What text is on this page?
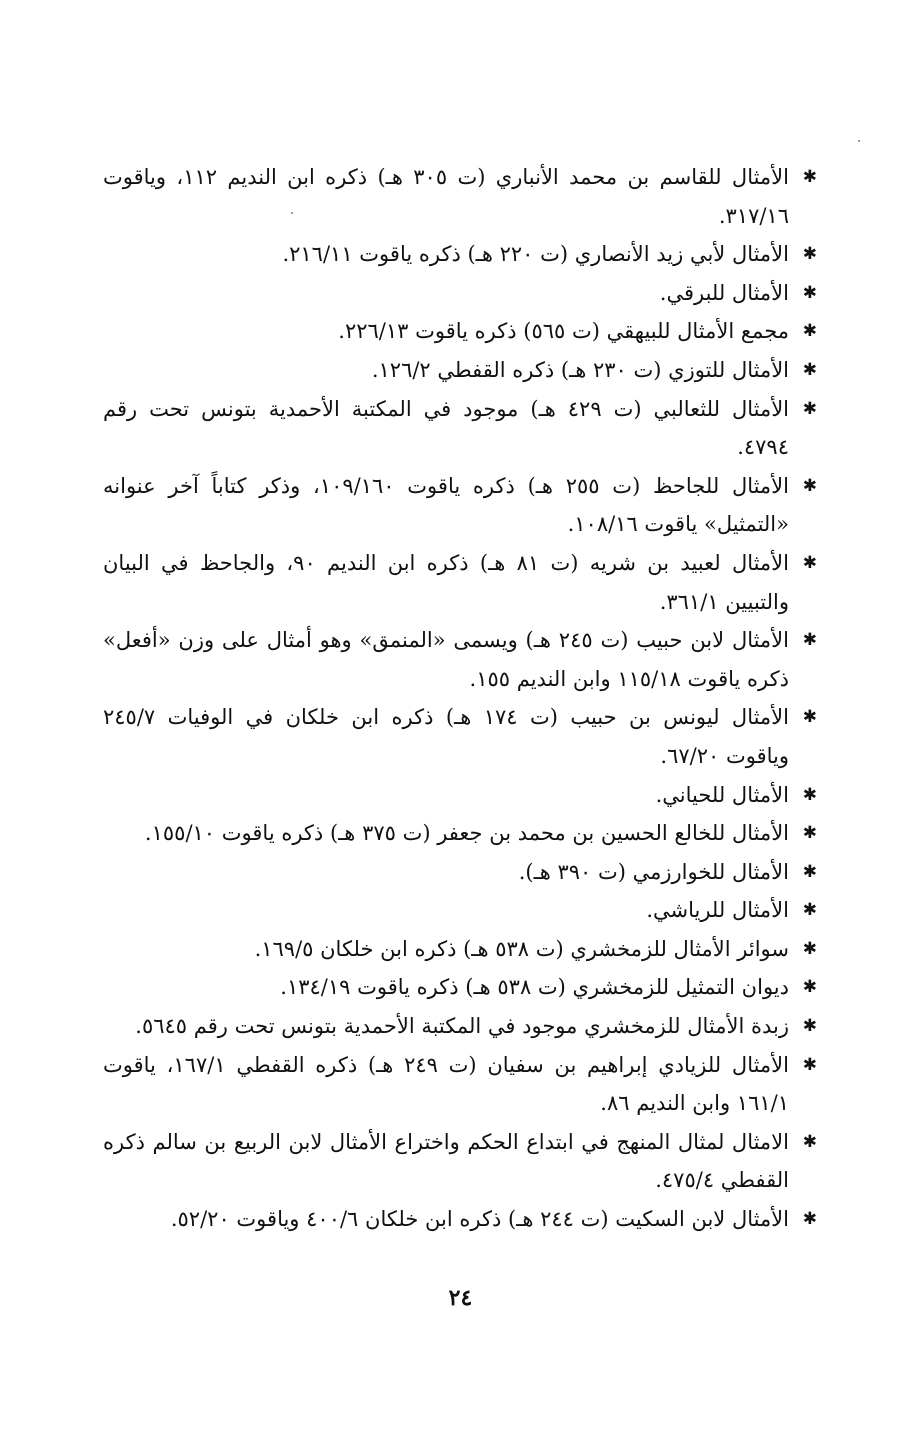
✱
الأمثال للقاسم بن محمد الأنباري (ت ٣٠٥ هـ) ذكره ابن النديم ١١٢، وياقوت ٣١٧/١٦.
✱
الأمثال لأبي زيد الأنصاري (ت ٢٢٠ هـ) ذكره ياقوت ٢١٦/١١.
✱
الأمثال للبرقي.
✱
مجمع الأمثال للبيهقي (ت ٥٦٥) ذكره ياقوت ٢٢٦/١٣.
✱
الأمثال للتوزي (ت ٢٣٠ هـ) ذكره القفطي ١٢٦/٢.
✱
الأمثال للثعالبي (ت ٤٢٩ هـ) موجود في المكتبة الأحمدية بتونس تحت رقم ٤٧٩٤.
✱
الأمثال للجاحظ (ت ٢٥٥ هـ) ذكره ياقوت ١٠٩/١٦٠، وذكر كتاباً آخر عنوانه «التمثيل» ياقوت ١٠٨/١٦.
✱
الأمثال لعبيد بن شريه (ت ٨١ هـ) ذكره ابن النديم ٩٠، والجاحظ في البيان والتبيين ٣٦١/١.
✱
الأمثال لابن حبيب (ت ٢٤٥ هـ) ويسمى «المنمق» وهو أمثال على وزن «أفعل» ذكره ياقوت ١١٥/١٨ وابن النديم ١٥٥.
✱
الأمثال ليونس بن حبيب (ت ١٧٤ هـ) ذكره ابن خلكان في الوفيات ٢٤٥/٧ وياقوت ٦٧/٢٠.
✱
الأمثال للحياني.
✱
الأمثال للخالع الحسين بن محمد بن جعفر (ت ٣٧٥ هـ) ذكره ياقوت ١٥٥/١٠.
✱
الأمثال للخوارزمي (ت ٣٩٠ هـ).
✱
الأمثال للرياشي.
✱
سوائر الأمثال للزمخشري (ت ٥٣٨ هـ) ذكره ابن خلكان ١٦٩/٥.
✱
ديوان التمثيل للزمخشري (ت ٥٣٨ هـ) ذكره ياقوت ١٣٤/١٩.
✱
زبدة الأمثال للزمخشري موجود في المكتبة الأحمدية بتونس تحت رقم ٥٦٤٥.
✱
الأمثال للزيادي إبراهيم بن سفيان (ت ٢٤٩ هـ) ذكره القفطي ١٦٧/١، ياقوت ١٦١/١ وابن النديم ٨٦.
✱
الامثال لمثال المنهج في ابتداع الحكم واختراع الأمثال لابن الربيع بن سالم ذكره القفطي ٤٧٥/٤.
✱
الأمثال لابن السكيت (ت ٢٤٤ هـ) ذكره ابن خلكان ٤٠٠/٦ وياقوت ٥٢/٢٠.
٢٤
